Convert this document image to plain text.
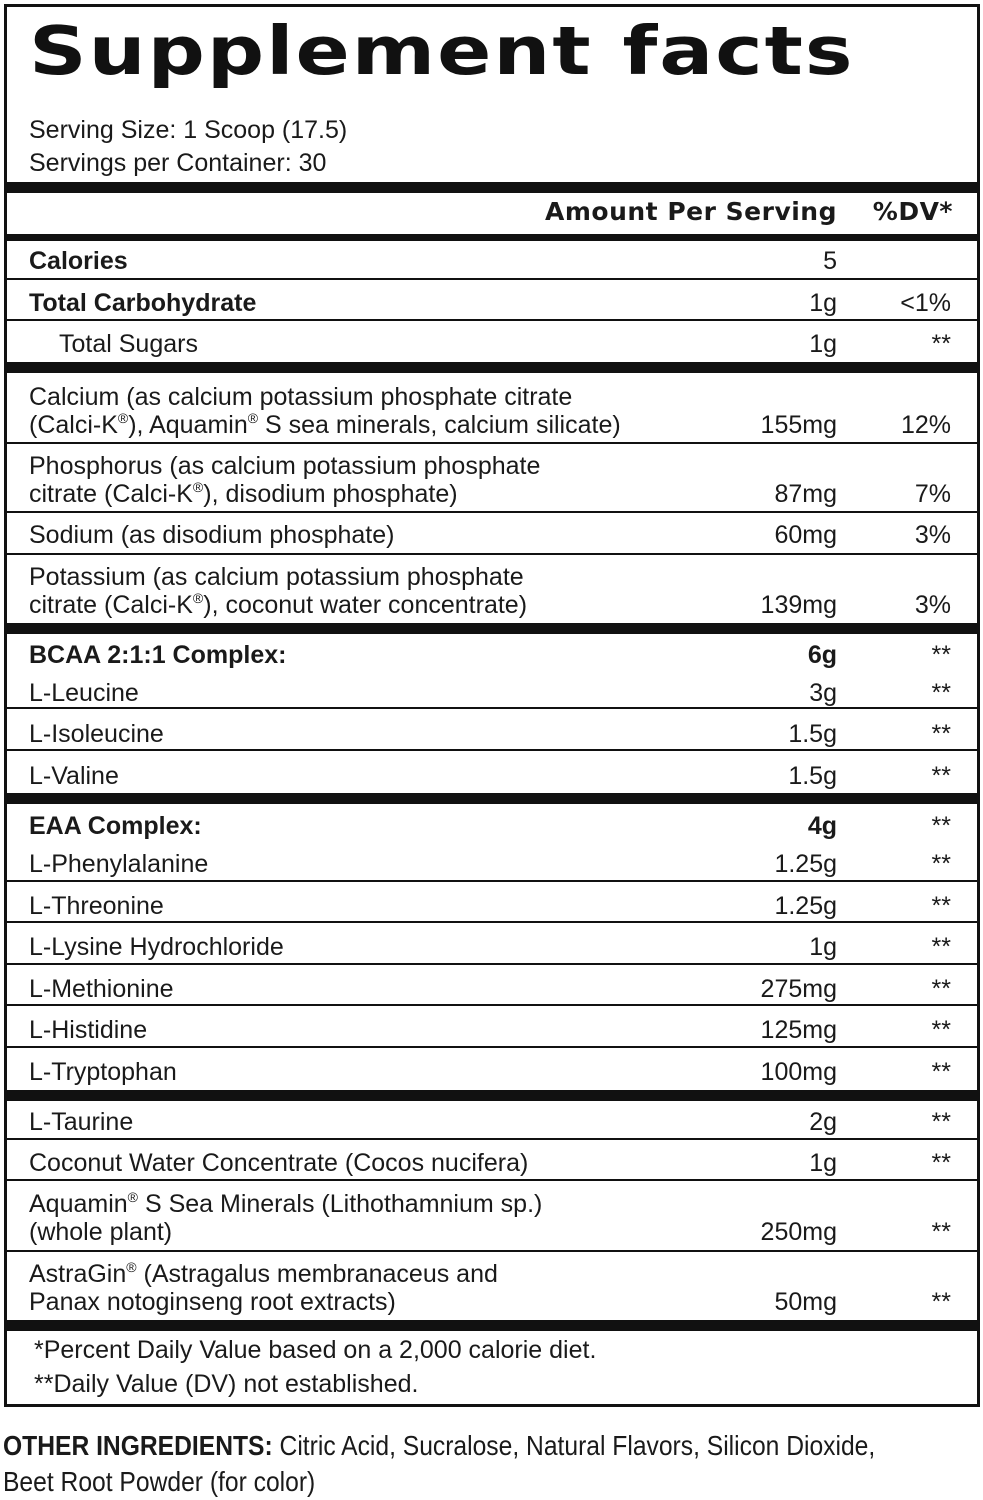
Supplement facts
Serving Size: 1 Scoop (17.5)
Servings per Container: 30
Amount Per Serving %DV*
Calories	5
Total Carbohydrate	1g	<1%
Total Sugars	1g	**
Calcium (as calcium potassium phosphate citrate
(Calci-K®), Aquamin® S sea minerals, calcium silicate)	155mg	12%
Phosphorus (as calcium potassium phosphate
citrate (Calci-K®), disodium phosphate)	87mg	7%
Sodium (as disodium phosphate)	60mg	3%
Potassium (as calcium potassium phosphate
citrate (Calci-K®), coconut water concentrate)	139mg	3%
BCAA 2:1:1 Complex:	6g	**
L-Leucine	3g	**
L-Isoleucine	1.5g	**
L-Valine	1.5g	**
EAA Complex:	4g	**
L-Phenylalanine	1.25g	**
L-Threonine	1.25g	**
L-Lysine Hydrochloride	1g	**
L-Methionine	275mg	**
L-Histidine	125mg	**
L-Tryptophan	100mg	**
L-Taurine	2g	**
Coconut Water Concentrate (Cocos nucifera)	1g	**
Aquamin® S Sea Minerals (Lithothamnium sp.)
(whole plant)	250mg	**
AstraGin® (Astragalus membranaceus and
Panax notoginseng root extracts)	50mg	**
*Percent Daily Value based on a 2,000 calorie diet.
**Daily Value (DV) not established.
OTHER INGREDIENTS: Citric Acid, Sucralose, Natural Flavors, Silicon Dioxide,
Beet Root Powder (for color)
